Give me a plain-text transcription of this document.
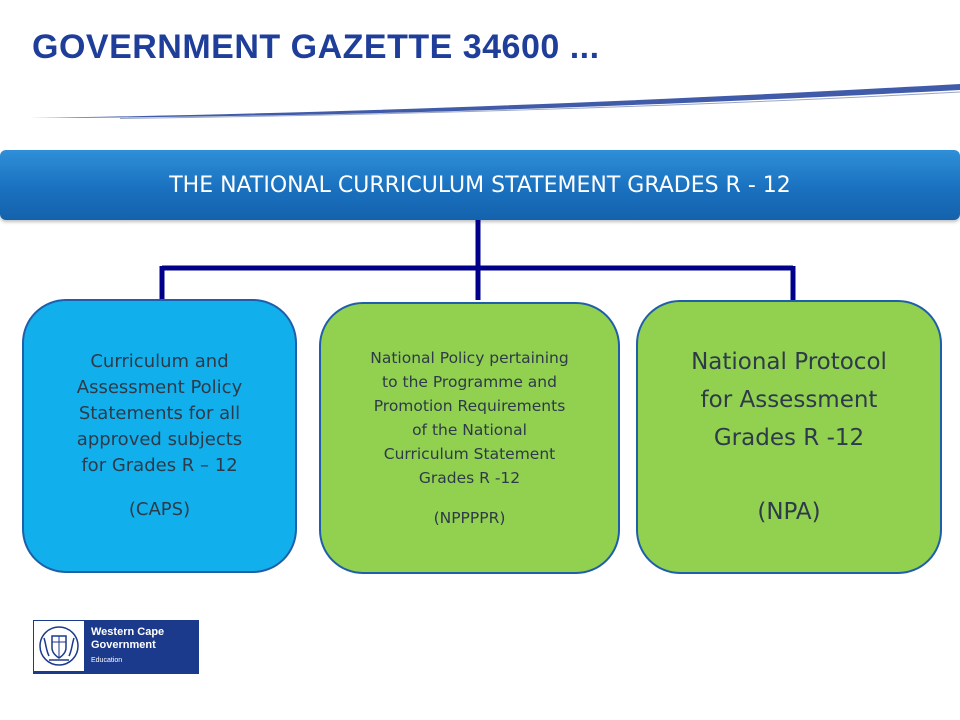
GOVERNMENT GAZETTE 34600 ...
THE NATIONAL CURRICULUM STATEMENT GRADES R - 12
Curriculum and
Assessment Policy
Statements for all
approved subjects
for Grades R – 12
(CAPS)
National Policy pertaining
to the Programme and
Promotion Requirements
of the National
Curriculum Statement
Grades R -12
(NPPPPR)
National Protocol
for Assessment
Grades R -12
(NPA)
Western Cape
Government
Education
